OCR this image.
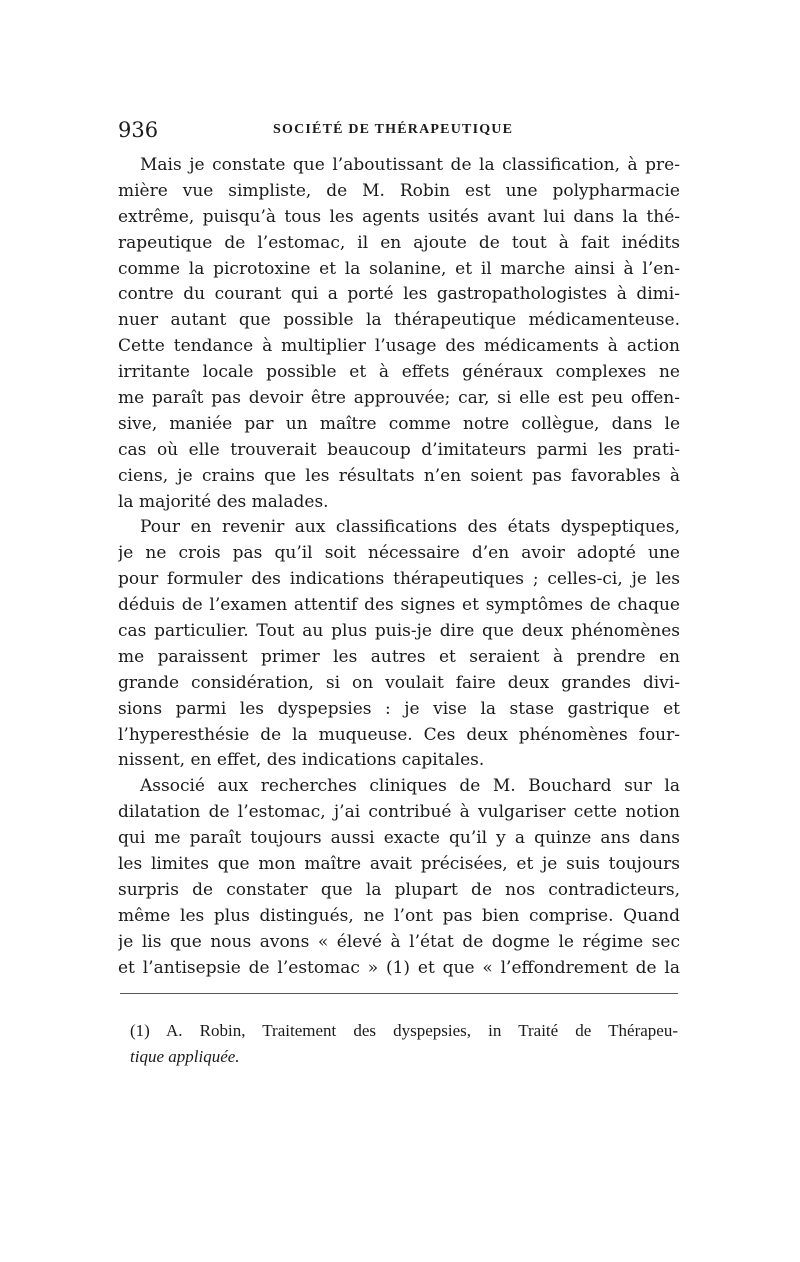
936	SOCIÉTÉ DE THÉRAPEUTIQUE
Mais je constate que l’aboutissant de la classification, à pre-
mière vue simpliste, de M. Robin est une polypharmacie
extrême, puisqu’à tous les agents usités avant lui dans la thé-
rapeutique de l’estomac, il en ajoute de tout à fait inédits
comme la picrotoxine et la solanine, et il marche ainsi à l’en-
contre du courant qui a porté les gastropathologistes à dimi-
nuer autant que possible la thérapeutique médicamenteuse.
Cette tendance à multiplier l’usage des médicaments à action
irritante locale possible et à effets généraux complexes ne
me paraît pas devoir être approuvée; car, si elle est peu offen-
sive, maniée par un maître comme notre collègue, dans le
cas où elle trouverait beaucoup d’imitateurs parmi les prati-
ciens, je crains que les résultats n’en soient pas favorables à
la majorité des malades.
Pour en revenir aux classifications des états dyspeptiques,
je ne crois pas qu’il soit nécessaire d’en avoir adopté une
pour formuler des indications thérapeutiques ; celles-ci, je les
déduis de l’examen attentif des signes et symptômes de chaque
cas particulier. Tout au plus puis-je dire que deux phénomènes
me paraissent primer les autres et seraient à prendre en
grande considération, si on voulait faire deux grandes divi-
sions parmi les dyspepsies : je vise la stase gastrique et
l’hyperesthésie de la muqueuse. Ces deux phénomènes four-
nissent, en effet, des indications capitales.
Associé aux recherches cliniques de M. Bouchard sur la
dilatation de l’estomac, j’ai contribué à vulgariser cette notion
qui me paraît toujours aussi exacte qu’il y a quinze ans dans
les limites que mon maître avait précisées, et je suis toujours
surpris de constater que la plupart de nos contradicteurs,
même les plus distingués, ne l’ont pas bien comprise. Quand
je lis que nous avons « élevé à l’état de dogme le régime sec
et l’antisepsie de l’estomac » (1) et que « l’effondrement de la
(1) A. Robin, Traitement des dyspepsies, in Traité de Thérapeu-
tique appliquée.
